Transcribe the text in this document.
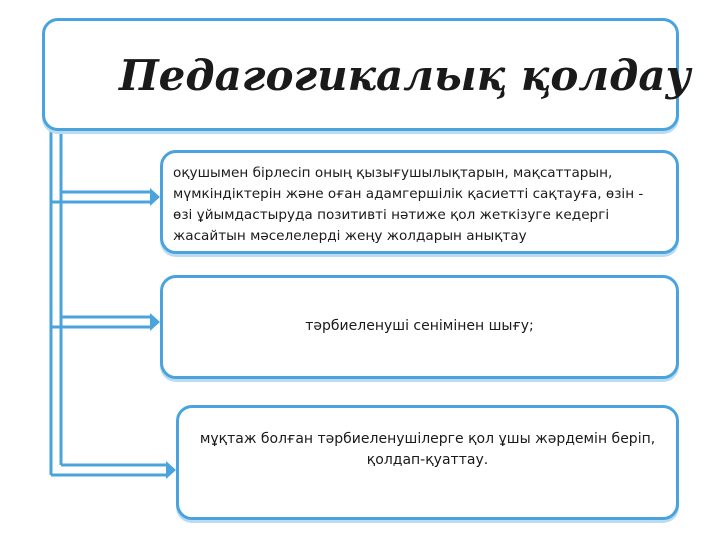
Педагогикалық қолдау
оқушымен бірлесіп оның қызығушылықтарын, мақсаттарын, мүмкіндіктерін және оған адамгершілік қасиетті сақтауға, өзін - өзі ұйымдастыруда позитивті нәтиже қол жеткізуге кедергі жасайтын мәселелерді жеңу жолдарын анықтау
тәрбиеленуші сенімінен шығу;
мұқтаж болған тәрбиеленушілерге қол ұшы жәрдемін беріп, қолдап-қуаттау.
